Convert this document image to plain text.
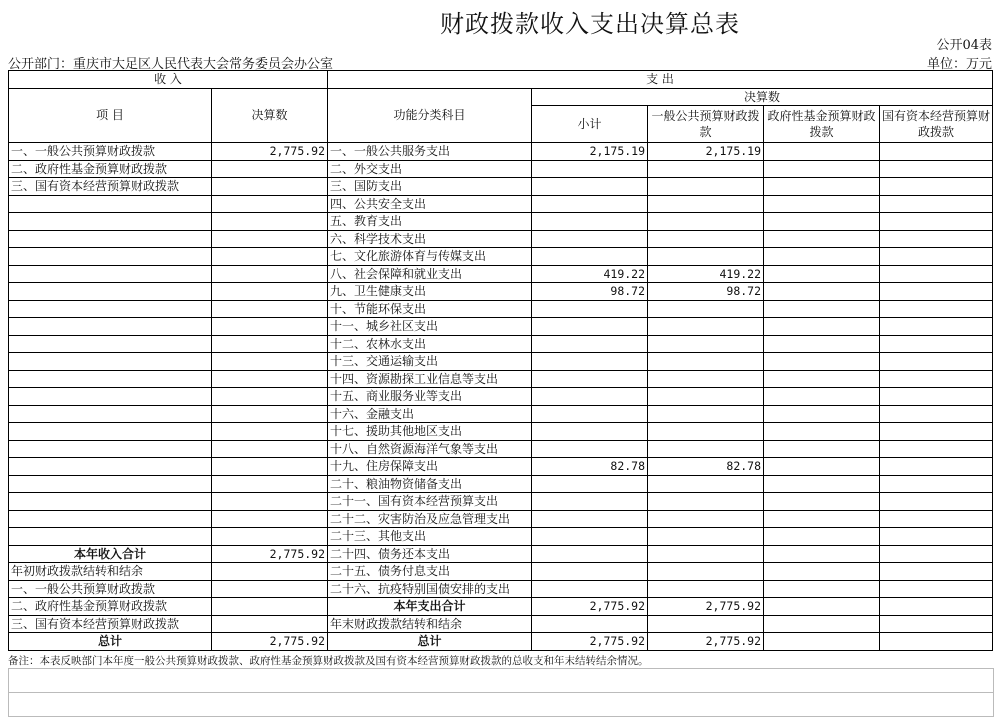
财政拨款收入支出决算总表
公开04表
公开部门：重庆市大足区人民代表大会常务委员会办公室	单位：万元
收 入		支 出				
项 目	决算数	功能分类科目	决算数			
			小计	一般公共预算财政拨款	政府性基金预算财政拨款	国有资本经营预算财政拨款

一、一般公共预算财政拨款	2,775.92	一、一般公共服务支出	2,175.19	2,175.19		
二、政府性基金预算财政拨款		二、外交支出				
三、国有资本经营预算财政拨款		三、国防支出				
		四、公共安全支出				
		五、教育支出				
		六、科学技术支出				
		七、文化旅游体育与传媒支出				
		八、社会保障和就业支出	419.22	419.22		
		九、卫生健康支出	98.72	98.72		
		十、节能环保支出				
		十一、城乡社区支出				
		十二、农林水支出				
		十三、交通运输支出				
		十四、资源勘探工业信息等支出				
		十五、商业服务业等支出				
		十六、金融支出				
		十七、援助其他地区支出				
		十八、自然资源海洋气象等支出				
		十九、住房保障支出	82.78	82.78		
		二十、粮油物资储备支出				
		二十一、国有资本经营预算支出				
		二十二、灾害防治及应急管理支出				
		二十三、其他支出				
本年收入合计	2,775.92	二十四、债务还本支出				
年初财政拨款结转和结余		二十五、债务付息支出				
一、一般公共预算财政拨款		二十六、抗疫特别国债安排的支出				
二、政府性基金预算财政拨款		本年支出合计	2,775.92	2,775.92		
三、国有资本经营预算财政拨款		年末财政拨款结转和结余				
总计	2,775.92	总计	2,775.92	2,775.92		
备注：本表反映部门本年度一般公共预算财政拨款、政府性基金预算财政拨款及国有资本经营预算财政拨款的总收支和年末结转结余情况。
